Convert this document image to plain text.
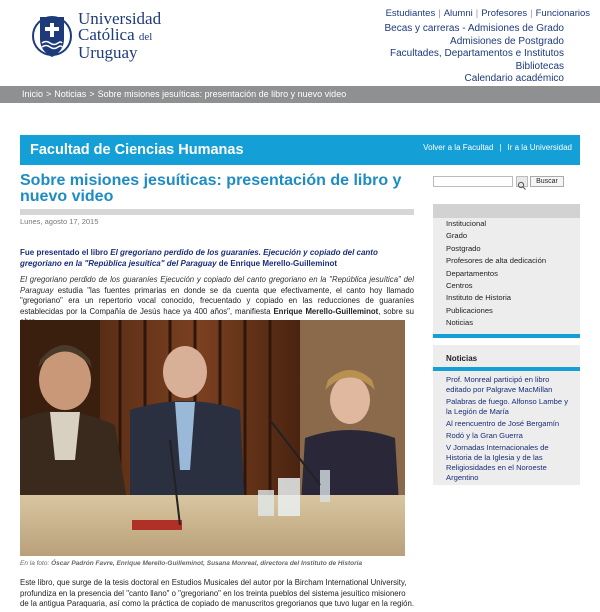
Universidad
Católica del
Uruguay
Estudiantes | Alumni | Profesores | Funcionarios
Becas y carreras - Admisiones de Grado
Admisiones de Postgrado
Facultades, Departamentos e Institutos
Bibliotecas
Calendario académico
Inicio > Noticias > Sobre misiones jesuíticas: presentación de libro y nuevo video
Facultad de Ciencias Humanas	Volver a la Facultad | Ir a la Universidad
Sobre misiones jesuíticas: presentación de libro y nuevo video
Lunes, agosto 17, 2015

Fue presentado el libro El gregoriano perdido de los guaraníes. Ejecución y copiado del canto gregoriano en la "República jesuítica" del Paraguay de Enrique Merello-Guilleminot

El gregoriano perdido de los guaraníes Ejecución y copiado del canto gregoriano en la "República jesuítica" del Paraguay estudia "las fuentes primarias en donde se da cuenta que efectivamente, el canto hoy llamado "gregoriano" era un repertorio vocal conocido, frecuentado y copiado en las reducciones de guaraníes establecidas por la Compañía de Jesús hace ya 400 años", manifiesta Enrique Merello-Guilleminot, sobre su

En la foto: Óscar Padrón Favre, Enrique Merello-Guilleminot, Susana Monreal, directora del Instituto de Historia

Este libro, que surge de la tesis doctoral en Estudios Musicales del autor por la Bircham International University, profundiza en la presencia del "canto llano" o "gregoriano" en los treinta pueblos del sistema jesuítico misionero de la antigua Paraquaria, así como la práctica de copiado de manuscritos gregorianos que tuvo lugar en la región.

Buscar
Institucional
Grado
Postgrado
Profesores de alta dedicación
Departamentos
Centros
Instituto de Historia
Publicaciones
Noticias
Noticias
Prof. Monreal participó en libro editado por Palgrave MacMillan
Palabras de fuego. Alfonso Lambe y la Legión de María
Al reencuentro de José Bergamín
Rodó y la Gran Guerra
V Jornadas Internacionales de Historia de la Iglesia y de las Religiosidades en el Noroeste Argentino
